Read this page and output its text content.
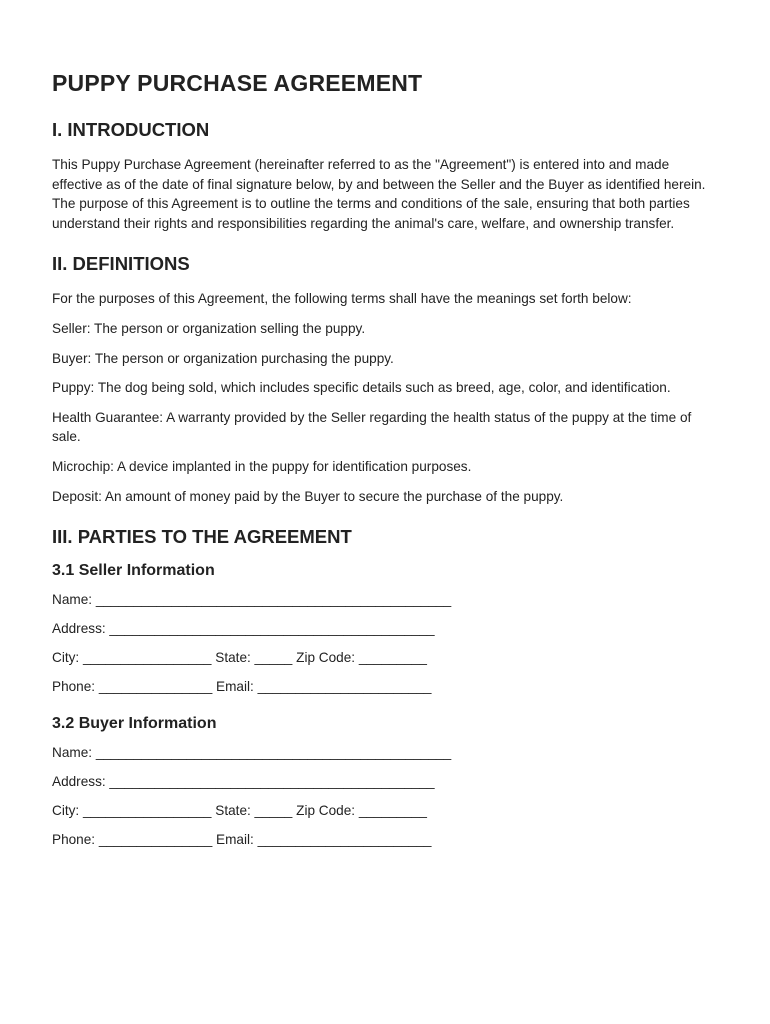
PUPPY PURCHASE AGREEMENT
I. INTRODUCTION

This Puppy Purchase Agreement (hereinafter referred to as the "Agreement") is entered into and made effective as of the date of final signature below, by and between the Seller and the Buyer as identified herein. The purpose of this Agreement is to outline the terms and conditions of the sale, ensuring that both parties understand their rights and responsibilities regarding the animal's care, welfare, and ownership transfer.

II. DEFINITIONS

For the purposes of this Agreement, the following terms shall have the meanings set forth below:

Seller: The person or organization selling the puppy.

Buyer: The person or organization purchasing the puppy.

Puppy: The dog being sold, which includes specific details such as breed, age, color, and identification.

Health Guarantee: A warranty provided by the Seller regarding the health status of the puppy at the time of sale.

Microchip: A device implanted in the puppy for identification purposes.

Deposit: An amount of money paid by the Buyer to secure the purchase of the puppy.

III. PARTIES TO THE AGREEMENT
3.1 Seller Information
Name: _______________________________________________
Address: ___________________________________________
City: _________________ State: _____ Zip Code: _________
Phone: _______________ Email: _______________________
3.2 Buyer Information
Name: _______________________________________________
Address: ___________________________________________
City: _________________ State: _____ Zip Code: _________
Phone: _______________ Email: _______________________
